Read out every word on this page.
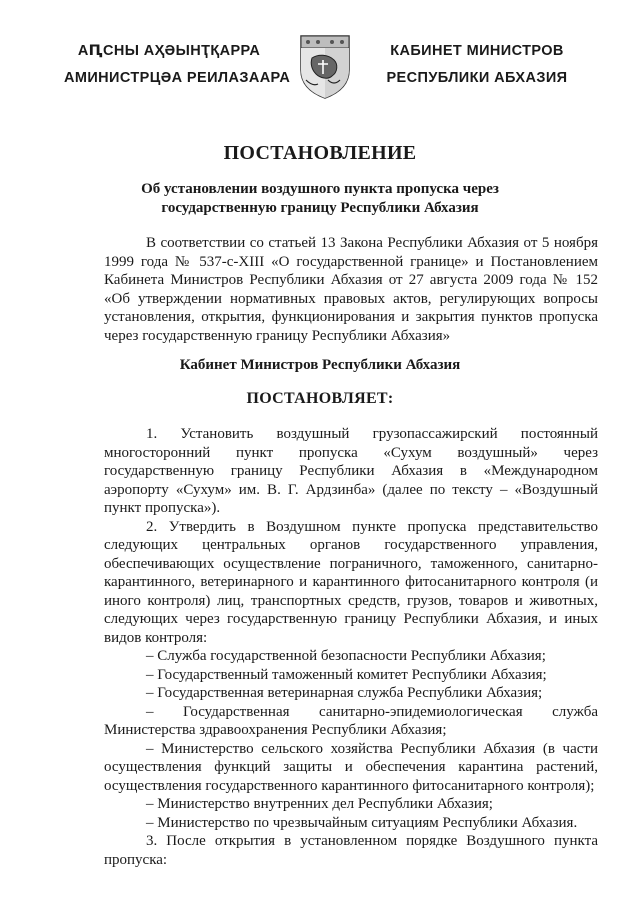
АԤСНЫ АҲӘЫНҬҚАРРА
АМИНИСТРЦӘА РЕИЛАЗААРА
КАБИНЕТ МИНИСТРОВ
РЕСПУБЛИКИ АБХАЗИЯ
ПОСТАНОВЛЕНИЕ
Об установлении воздушного пункта пропуска через государственную границу Республики Абхазия
В соответствии со статьей 13 Закона Республики Абхазия от 5 ноября 1999 года № 537-с-XIII «О государственной границе» и Постановлением Кабинета Министров Республики Абхазия от 27 августа 2009 года № 152 «Об утверждении нормативных правовых актов, регулирующих вопросы установления, открытия, функционирования и закрытия пунктов пропуска через государственную границу Республики Абхазия»
Кабинет Министров Республики Абхазия
ПОСТАНОВЛЯЕТ:

1. Установить воздушный грузопассажирский постоянный многосторонний пункт пропуска «Сухум воздушный» через государственную границу Республики Абхазия в «Международном аэропорту «Сухум» им. В. Г. Ардзинба» (далее по тексту – «Воздушный пункт пропуска»).

2. Утвердить в Воздушном пункте пропуска представительство следующих центральных органов государственного управления, обеспечивающих осуществление пограничного, таможенного, санитарно-карантинного, ветеринарного и карантинного фитосанитарного контроля (и иного контроля) лиц, транспортных средств, грузов, товаров и животных, следующих через государственную границу Республики Абхазия, и иных видов контроля:

– Служба государственной безопасности Республики Абхазия;

– Государственный таможенный комитет Республики Абхазия;

– Государственная ветеринарная служба Республики Абхазия;

– Государственная санитарно-эпидемиологическая служба Министерства здравоохранения Республики Абхазия;

– Министерство сельского хозяйства Республики Абхазия (в части осуществления функций защиты и обеспечения карантина растений, осуществления государственного карантинного фитосанитарного контроля);

– Министерство внутренних дел Республики Абхазия;

– Министерство по чрезвычайным ситуациям Республики Абхазия.

3. После открытия в установленном порядке Воздушного пункта пропуска:
